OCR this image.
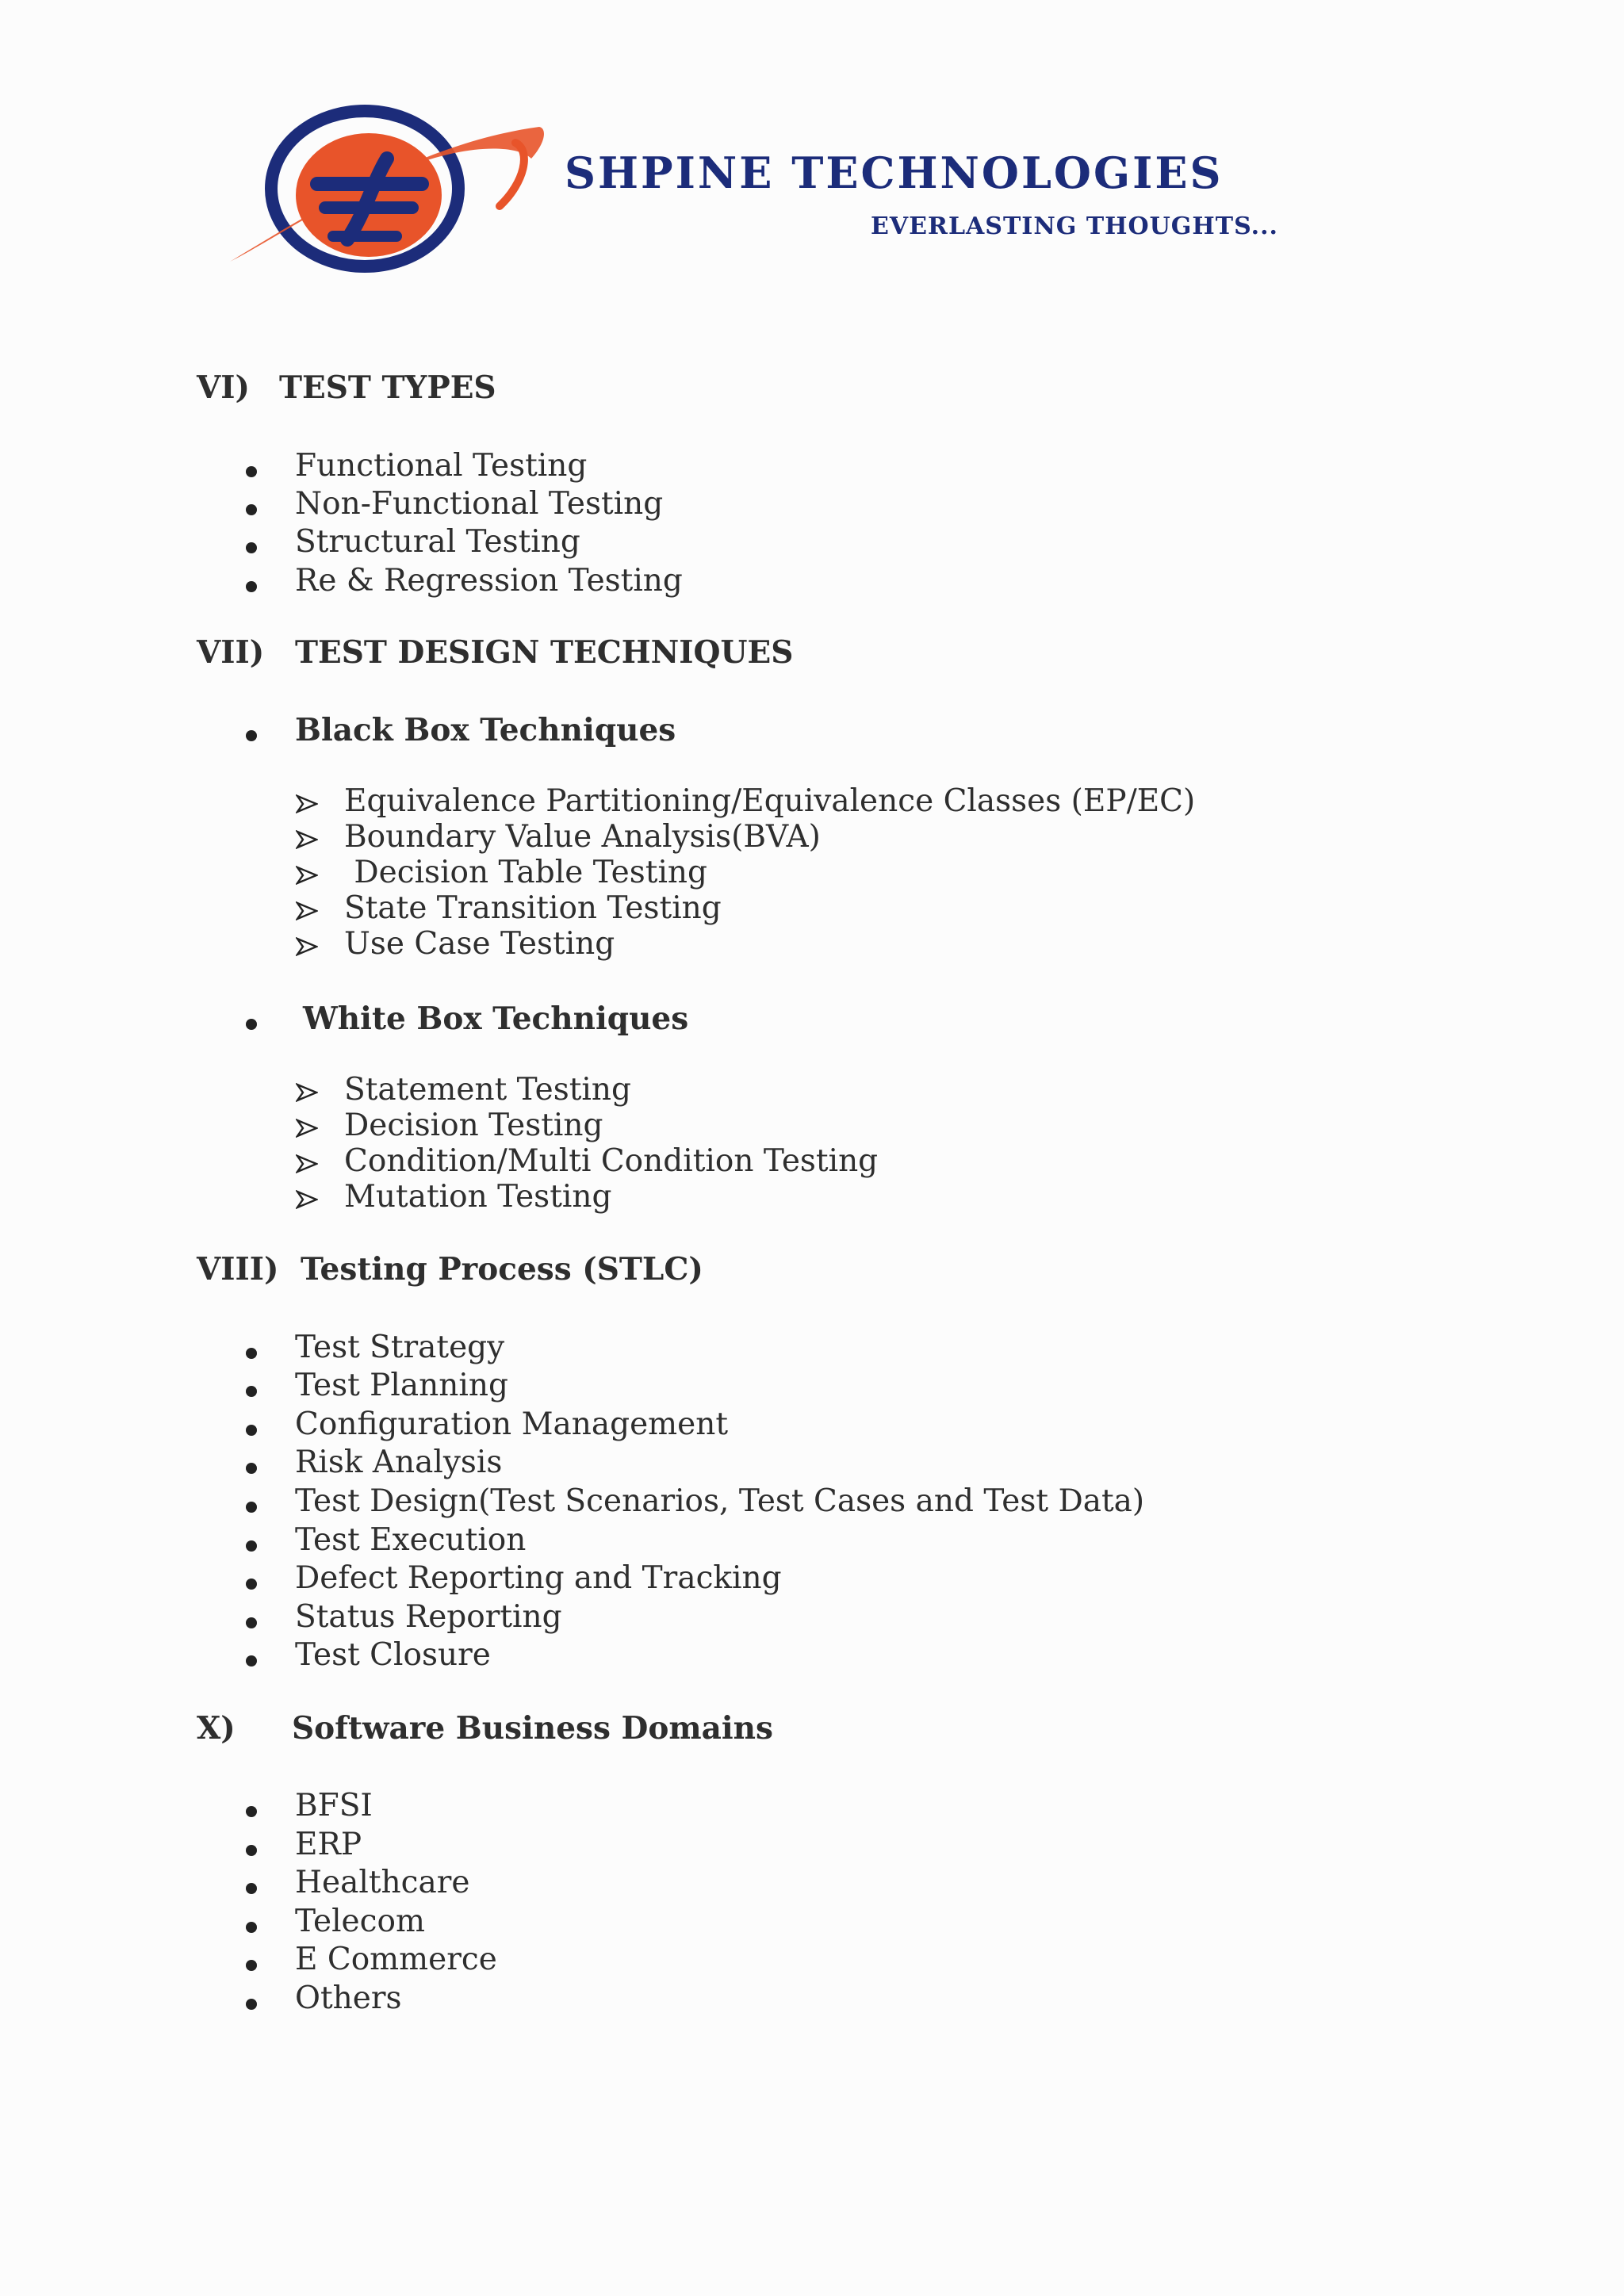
SHPINE TECHNOLOGIES
EVERLASTING THOUGHTS...
VI) TEST TYPES
Functional Testing
Non-Functional Testing
Structural Testing
Re & Regression Testing
VII) TEST DESIGN TECHNIQUES
Black Box Techniques
Equivalence Partitioning/Equivalence Classes (EP/EC)
Boundary Value Analysis(BVA)
Decision Table Testing
State Transition Testing
Use Case Testing
White Box Techniques
Statement Testing
Decision Testing
Condition/Multi Condition Testing
Mutation Testing
VIII) Testing Process (STLC)
Test Strategy
Test Planning
Configuration Management
Risk Analysis
Test Design(Test Scenarios, Test Cases and Test Data)
Test Execution
Defect Reporting and Tracking
Status Reporting
Test Closure
X) Software Business Domains
BFSI
ERP
Healthcare
Telecom
E Commerce
Others
